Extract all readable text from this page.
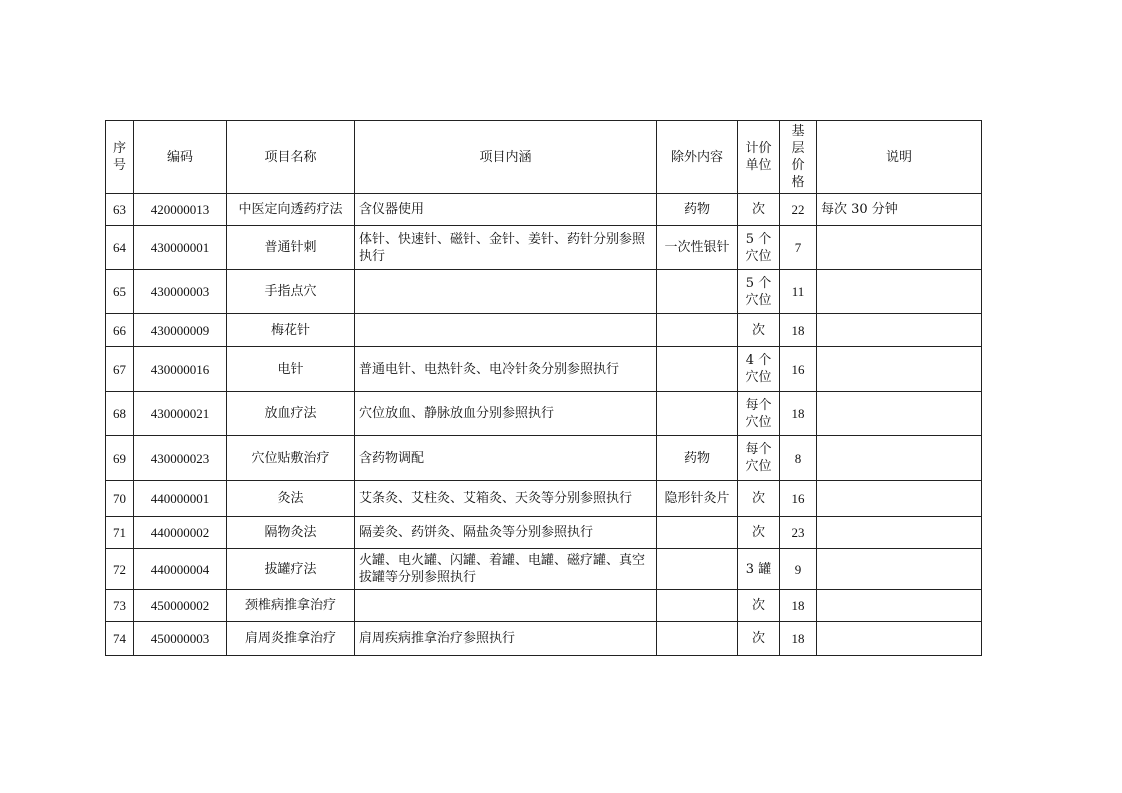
序号	编码	项目名称	项目内涵	除外内容	计价单位	基层价格	说明
63	420000013	中医定向透药疗法	含仪器使用	药物	次	22	每次 30 分钟
64	430000001	普通针刺	体针、快速针、磁针、金针、姜针、药针分别参照执行	一次性银针	5 个穴位	7	
65	430000003	手指点穴			5 个穴位	11	
66	430000009	梅花针			次	18	
67	430000016	电针	普通电针、电热针灸、电冷针灸分别参照执行		4 个穴位	16	
68	430000021	放血疗法	穴位放血、静脉放血分别参照执行		每个穴位	18	
69	430000023	穴位贴敷治疗	含药物调配	药物	每个穴位	8	
70	440000001	灸法	艾条灸、艾柱灸、艾箱灸、天灸等分别参照执行	隐形针灸片	次	16	
71	440000002	隔物灸法	隔姜灸、药饼灸、隔盐灸等分别参照执行		次	23	
72	440000004	拔罐疗法	火罐、电火罐、闪罐、着罐、电罐、磁疗罐、真空拔罐等分别参照执行		3 罐	9	
73	450000002	颈椎病推拿治疗			次	18	
74	450000003	肩周炎推拿治疗	肩周疾病推拿治疗参照执行		次	18	
